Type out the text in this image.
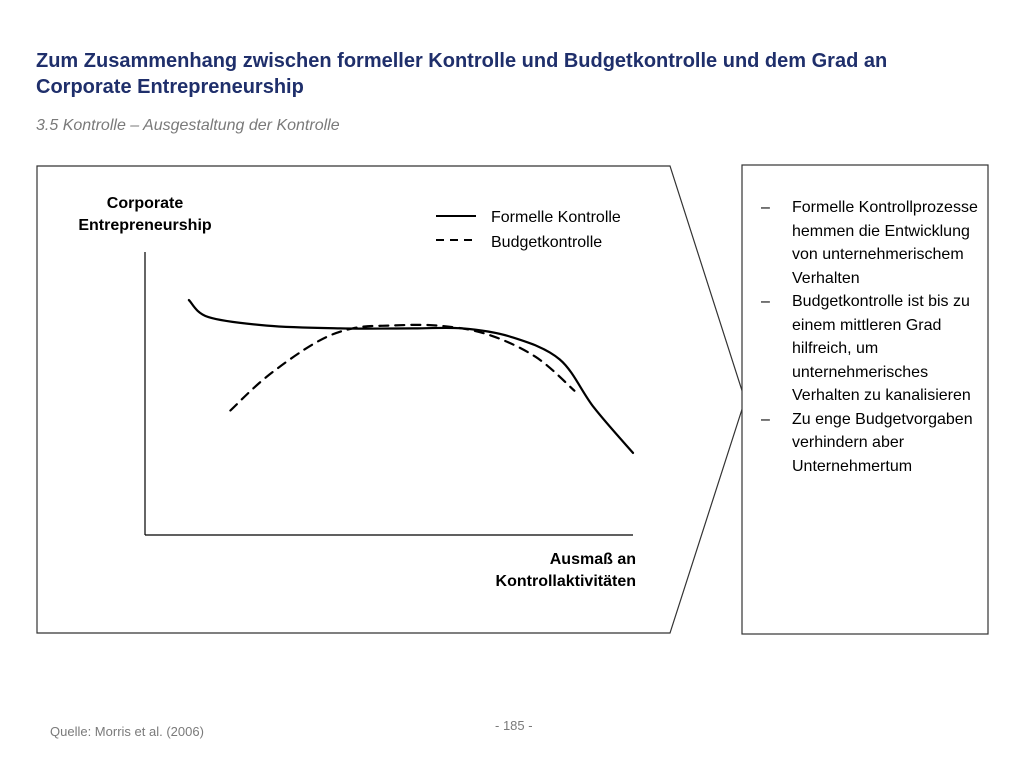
Zum Zusammenhang zwischen formeller Kontrolle und Budgetkontrolle und dem Grad an Corporate Entrepreneurship
3.5 Kontrolle – Ausgestaltung der Kontrolle
Corporate
Entrepreneurship	Formelle Kontrolle
Budgetkontrolle
Ausmaß an
Kontrollaktivitäten
– Formelle Kontrollprozesse hemmen die Entwicklung von unternehmerischem Verhalten
– Budgetkontrolle ist bis zu einem mittleren Grad hilfreich, um unternehmerisches Verhalten zu kanalisieren
– Zu enge Budgetvorgaben verhindern aber Unternehmertum
Quelle: Morris et al. (2006)	- 185 -
